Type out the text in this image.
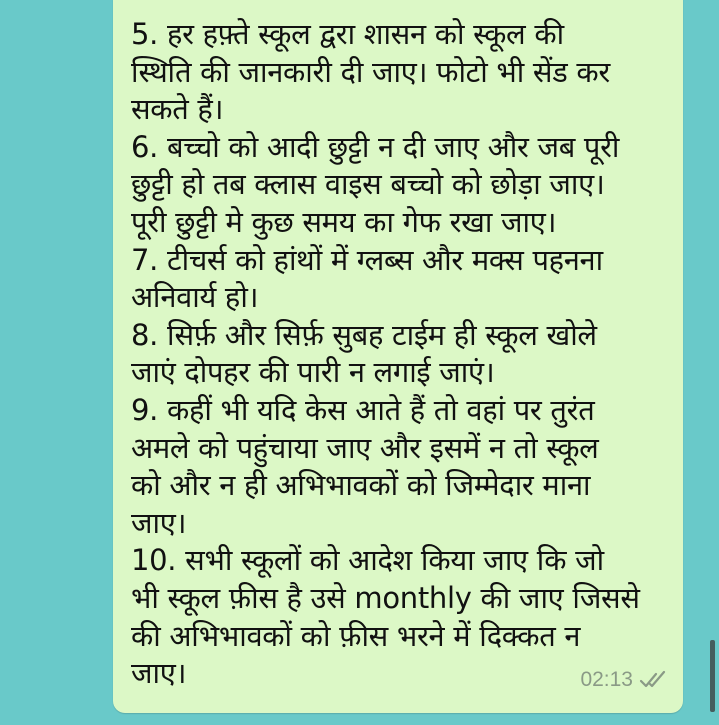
5. हर हफ़्ते स्कूल द्वरा शासन को स्कूल की
स्थिति की जानकारी दी जाए। फोटो भी सेंड कर
सकते हैं।
6. बच्चो को आदी छुट्टी न दी जाए और जब पूरी
छुट्टी हो तब क्लास वाइस बच्चो को छोड़ा जाए।
पूरी छुट्टी मे कुछ समय का गेफ रखा जाए।
7. टीचर्स को हांथों में ग्लब्स और मक्स पहनना
अनिवार्य हो।
8. सिर्फ़ और सिर्फ़ सुबह टाईम ही स्कूल खोले
जाएं दोपहर की पारी न लगाई जाएं।
9. कहीं भी यदि केस आते हैं तो वहां पर तुरंत
अमले को पहुंचाया जाए और इसमें न तो स्कूल
को और न ही अभिभावकों को जिम्मेदार माना
जाए।
10. सभी स्कूलों को आदेश किया जाए कि जो
भी स्कूल फ़ीस है उसे monthly की जाए जिससे
की अभिभावकों को फ़ीस भरने में दिक्कत न
जाए।	02:13
